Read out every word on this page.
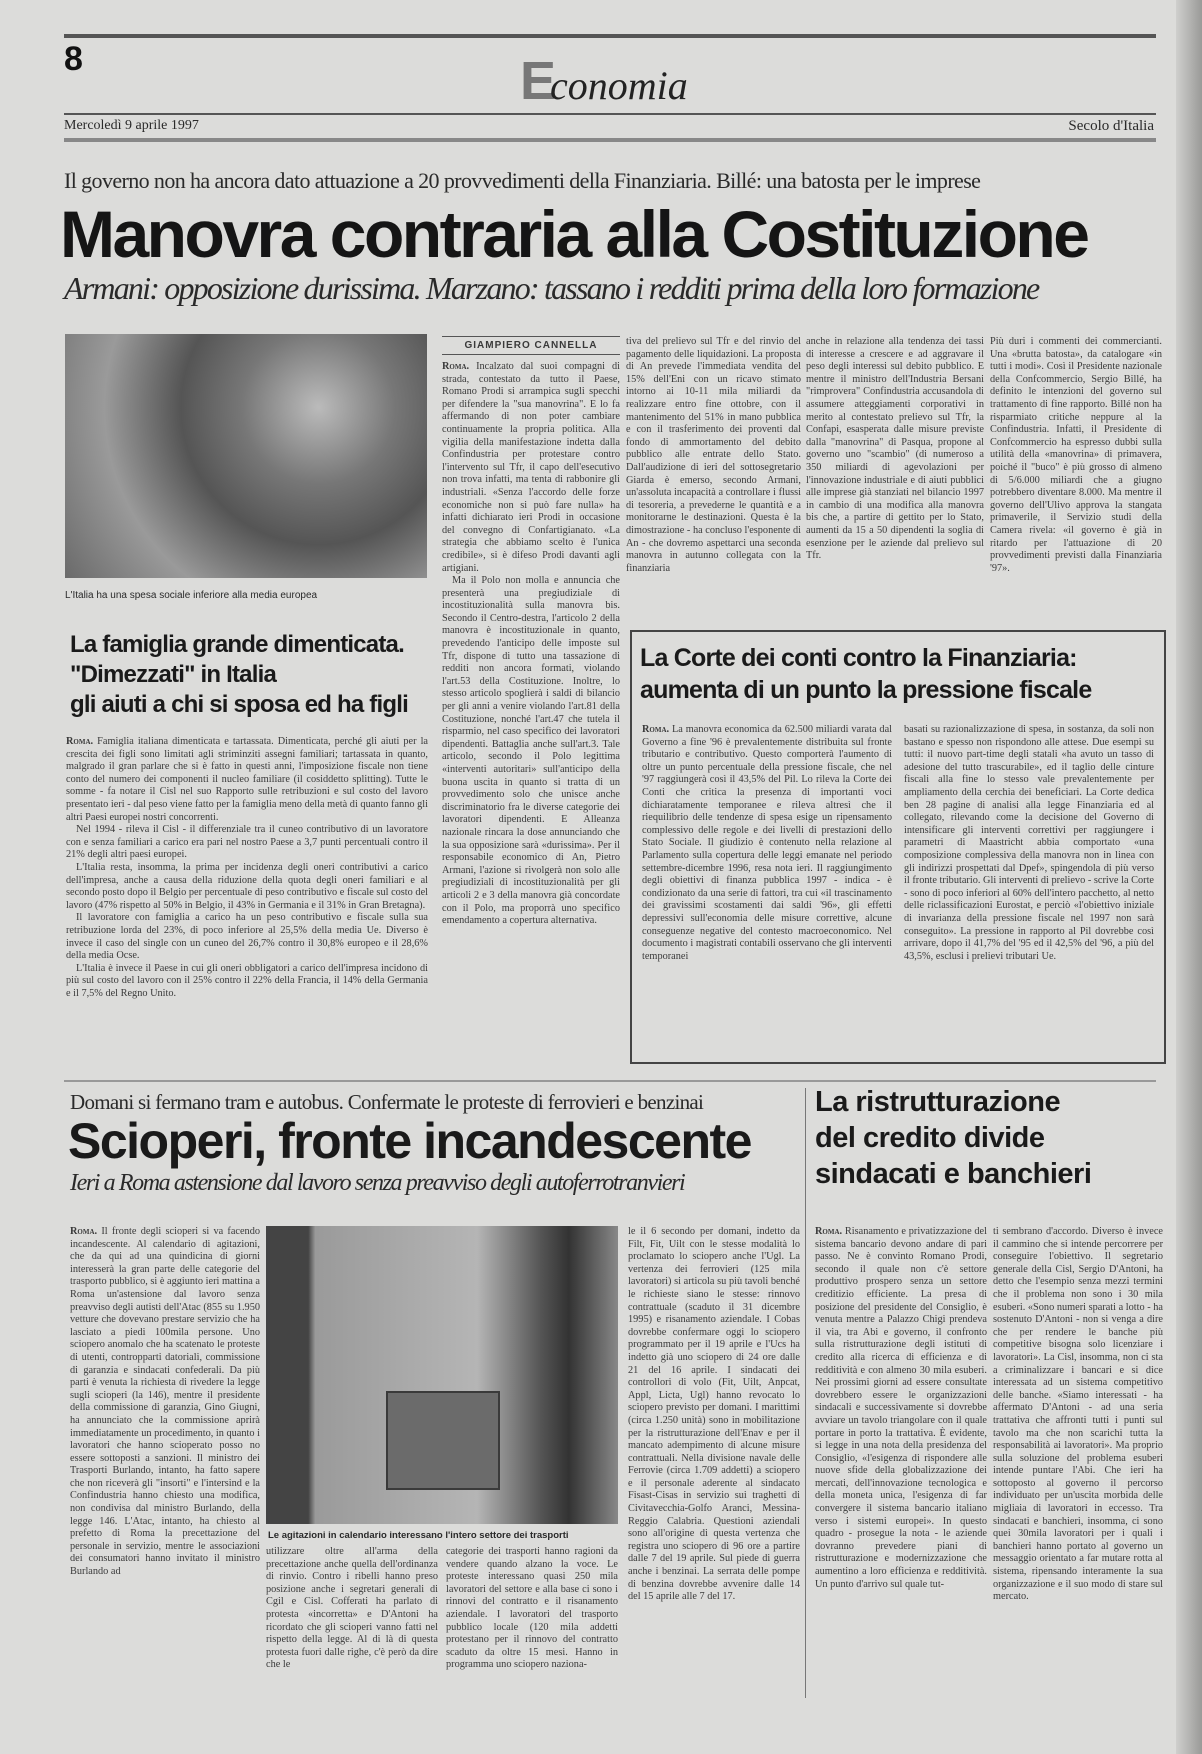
8	Economia
Mercoledì 9 aprile 1997	Secolo d'Italia
Il governo non ha ancora dato attuazione a 20 provvedimenti della Finanziaria. Billé: una batosta per le imprese
Manovra contraria alla Costituzione
Armani: opposizione durissima. Marzano: tassano i redditi prima della loro formazione
L'Italia ha una spesa sociale inferiore alla media europea
GIAMPIERO CANNELLA

Roma. Incalzato dal suoi compagni di strada, contestato da tutto il Paese, Romano Prodi si arrampica sugli specchi per difendere la "sua manovrina". E lo fa affermando di non poter cambiare continuamente la propria politica. Alla vigilia della manifestazione indetta dalla Confindustria per protestare contro l'intervento sul Tfr, il capo dell'esecutivo non trova infatti, ma tenta di rabbonire gli industriali. «Senza l'accordo delle forze economiche non si può fare nulla» ha infatti dichiarato ieri Prodi in occasione del convegno di Confartigianato. «La strategia che abbiamo scelto è l'unica credibile», si è difeso Prodi davanti agli artigiani.

Ma il Polo non molla e annuncia che presenterà una pregiudiziale di incostituzionalità sulla manovra bis. Secondo il Centro-destra, l'articolo 2 della manovra è incostituzionale in quanto, prevedendo l'anticipo delle imposte sul Tfr, dispone di tutto una tassazione di redditi non ancora formati, violando l'art.53 della Costituzione. Inoltre, lo stesso articolo spoglierà i saldi di bilancio per gli anni a venire violando l'art.81 della Costituzione, nonché l'art.47 che tutela il risparmio, nel caso specifico dei lavoratori dipendenti. Battaglia anche sull'art.3. Tale articolo, secondo il Polo legittima «interventi autoritari» sull'anticipo della buona uscita in quanto si tratta di un provvedimento solo che unisce anche discriminatorio fra le diverse categorie dei lavoratori dipendenti. E Alleanza nazionale rincara la dose annunciando che la sua opposizione sarà «durissima». Per il responsabile economico di An, Pietro Armani, l'azione si rivolgerà non solo alle pregiudiziali di incostituzionalità per gli articoli 2 e 3 della manovra già concordate con il Polo, ma proporrà uno specifico emendamento a copertura alternativa.

tiva del prelievo sul Tfr e del rinvio del pagamento delle liquidazioni. La proposta di An prevede l'immediata vendita del 15% dell'Eni con un ricavo stimato intorno ai 10-11 mila miliardi da realizzare entro fine ottobre, con il mantenimento del 51% in mano pubblica e con il trasferimento dei proventi dal fondo di ammortamento del debito pubblico alle entrate dello Stato. Dall'audizione di ieri del sottosegretario Giarda è emerso, secondo Armani, un'assoluta incapacità a controllare i flussi di tesoreria, a prevederne le quantità e a monitorarne le destinazioni. Questa è la dimostrazione - ha concluso l'esponente di An - che dovremo aspettarci una seconda manovra in autunno collegata con la finanziaria

anche in relazione alla tendenza dei tassi di interesse a crescere e ad aggravare il peso degli interessi sul debito pubblico. E mentre il ministro dell'Industria Bersani "rimprovera" Confindustria accusandola di assumere atteggiamenti corporativi in merito al contestato prelievo sul Tfr, la Confapi, esasperata dalle misure previste dalla "manovrina" di Pasqua, propone al governo uno "scambio" (di numeroso a 350 miliardi di agevolazioni per l'innovazione industriale e di aiuti pubblici alle imprese già stanziati nel bilancio 1997 in cambio di una modifica alla manovra bis che, a partire di gettito per lo Stato, aumenti da 15 a 50 dipendenti la soglia di esenzione per le aziende dal prelievo sul Tfr.

Più duri i commenti dei commercianti. Una «brutta batosta», da catalogare «in tutti i modi». Così il Presidente nazionale della Confcommercio, Sergio Billé, ha definito le intenzioni del governo sul trattamento di fine rapporto. Billé non ha risparmiato critiche neppure al la Confindustria. Infatti, il Presidente di Confcommercio ha espresso dubbi sulla utilità della «manovrina» di primavera, poiché il "buco" è più grosso di almeno di 5/6.000 miliardi che a giugno potrebbero diventare 8.000. Ma mentre il governo dell'Ulivo approva la stangata primaverile, il Servizio studi della Camera rivela: «il governo è già in ritardo per l'attuazione di 20 provvedimenti previsti dalla Finanziaria '97».

La famiglia grande dimenticata.
"Dimezzati" in Italia
gli aiuti a chi si sposa ed ha figli

Roma. Famiglia italiana dimenticata e tartassata. Dimenticata, perché gli aiuti per la crescita dei figli sono limitati agli striminziti assegni familiari; tartassata in quanto, malgrado il gran parlare che si è fatto in questi anni, l'imposizione fiscale non tiene conto del numero dei componenti il nucleo familiare (il cosiddetto splitting). Tutte le somme - fa notare il Cisl nel suo Rapporto sulle retribuzioni e sul costo del lavoro presentato ieri - dal peso viene fatto per la famiglia meno della metà di quanto fanno gli altri Paesi europei nostri concorrenti.

Nel 1994 - rileva il Cisl - il differenziale tra il cuneo contributivo di un lavoratore con e senza familiari a carico era pari nel nostro Paese a 3,7 punti percentuali contro il 21% degli altri paesi europei.

L'Italia resta, insomma, la prima per incidenza degli oneri contributivi a carico dell'impresa, anche a causa della riduzione della quota degli oneri familiari e al secondo posto dopo il Belgio per percentuale di peso contributivo e fiscale sul costo del lavoro (47% rispetto al 50% in Belgio, il 43% in Germania e il 31% in Gran Bretagna).

Il lavoratore con famiglia a carico ha un peso contributivo e fiscale sulla sua retribuzione lorda del 23%, di poco inferiore al 25,5% della media Ue. Diverso è invece il caso del single con un cuneo del 26,7% contro il 30,8% europeo e il 28,6% della media Ocse.

L'Italia è invece il Paese in cui gli oneri obbligatori a carico dell'impresa incidono di più sul costo del lavoro con il 25% contro il 22% della Francia, il 14% della Germania e il 7,5% del Regno Unito.

La Corte dei conti contro la Finanziaria:
aumenta di un punto la pressione fiscale

Roma. La manovra economica da 62.500 miliardi varata dal Governo a fine '96 è prevalentemente distribuita sul fronte tributario e contributivo. Questo comporterà l'aumento di oltre un punto percentuale della pressione fiscale, che nel '97 raggiungerà così il 43,5% del Pil. Lo rileva la Corte dei Conti che critica la presenza di importanti voci dichiaratamente temporanee e rileva altresì che il riequilibrio delle tendenze di spesa esige un ripensamento complessivo delle regole e dei livelli di prestazioni dello Stato Sociale. Il giudizio è contenuto nella relazione al Parlamento sulla copertura delle leggi emanate nel periodo settembre-dicembre 1996, resa nota ieri. Il raggiungimento degli obiettivi di finanza pubblica 1997 - indica - è condizionato da una serie di fattori, tra cui «il trascinamento dei gravissimi scostamenti dai saldi '96», gli effetti depressivi sull'economia delle misure correttive, alcune conseguenze negative del contesto macroeconomico. Nel documento i magistrati contabili osservano che gli interventi temporanei

basati su razionalizzazione di spesa, in sostanza, da soli non bastano e spesso non rispondono alle attese. Due esempi su tutti: il nuovo part-time degli statali «ha avuto un tasso di adesione del tutto trascurabile», ed il taglio delle cinture fiscali alla fine lo stesso vale prevalentemente per ampliamento della cerchia dei beneficiari. La Corte dedica ben 28 pagine di analisi alla legge Finanziaria ed al collegato, rilevando come la decisione del Governo di intensificare gli interventi correttivi per raggiungere i parametri di Maastricht abbia comportato «una composizione complessiva della manovra non in linea con gli indirizzi prospettati dal Dpef», spingendola di più verso il fronte tributario. Gli interventi di prelievo - scrive la Corte - sono di poco inferiori al 60% dell'intero pacchetto, al netto delle riclassificazioni Eurostat, e perciò «l'obiettivo iniziale di invarianza della pressione fiscale nel 1997 non sarà conseguito». La pressione in rapporto al Pil dovrebbe così arrivare, dopo il 41,7% del '95 ed il 42,5% del '96, a più del 43,5%, esclusi i prelievi tributari Ue.

Domani si fermano tram e autobus. Confermate le proteste di ferrovieri e benzinai
Scioperi, fronte incandescente
Ieri a Roma astensione dal lavoro senza preavviso degli autoferrotranvieri

Roma. Il fronte degli scioperi si va facendo incandescente. Al calendario di agitazioni, che da qui ad una quindicina di giorni interesserà la gran parte delle categorie del trasporto pubblico, si è aggiunto ieri mattina a Roma un'astensione dal lavoro senza preavviso degli autisti dell'Atac (855 su 1.950 vetture che dovevano prestare servizio che ha lasciato a piedi 100mila persone. Uno sciopero anomalo che ha scatenato le proteste di utenti, contropparti datoriali, commissione di garanzia e sindacati confederali. Da più parti è venuta la richiesta di rivedere la legge sugli scioperi (la 146), mentre il presidente della commissione di garanzia, Gino Giugni, ha annunciato che la commissione aprirà immediatamente un procedimento, in quanto i lavoratori che hanno scioperato posso no essere sottoposti a sanzioni. Il ministro dei Trasporti Burlando, intanto, ha fatto sapere che non riceverà gli "insorti" e l'intersind e la Confindustria hanno chiesto una modifica, non condivisa dal ministro Burlando, della legge 146. L'Atac, intanto, ha chiesto al prefetto di Roma la precettazione del personale in servizio, mentre le associazioni dei consumatori hanno invitato il ministro Burlando ad

Le agitazioni in calendario interessano l'intero settore dei trasporti

utilizzare oltre all'arma della precettazione anche quella dell'ordinanza di rinvio. Contro i ribelli hanno preso posizione anche i segretari generali di Cgil e Cisl. Cofferati ha parlato di protesta «incorretta» e D'Antoni ha ricordato che gli scioperi vanno fatti nel rispetto della legge. Al di là di questa protesta fuori dalle righe, c'è però da dire che le

categorie dei trasporti hanno ragioni da vendere quando alzano la voce. Le proteste interessano quasi 250 mila lavoratori del settore e alla base ci sono i rinnovi del contratto e il risanamento aziendale. I lavoratori del trasporto pubblico locale (120 mila addetti protestano per il rinnovo del contratto scaduto da oltre 15 mesi. Hanno in programma uno sciopero naziona-

le il 6 secondo per domani, indetto da Filt, Fit, Uilt con le stesse modalità lo proclamato lo sciopero anche l'Ugl. La vertenza dei ferrovieri (125 mila lavoratori) si articola su più tavoli benché le richieste siano le stesse: rinnovo contrattuale (scaduto il 31 dicembre 1995) e risanamento aziendale. I Cobas dovrebbe confermare oggi lo sciopero programmato per il 19 aprile e l'Ucs ha indetto già uno sciopero di 24 ore dalle 21 del 16 aprile. I sindacati dei controllori di volo (Fit, Uilt, Anpcat, Appl, Licta, Ugl) hanno revocato lo sciopero previsto per domani. I marittimi (circa 1.250 unità) sono in mobilitazione per la ristrutturazione dell'Enav e per il mancato adempimento di alcune misure contrattuali. Nella divisione navale delle Ferrovie (circa 1.709 addetti) a sciopero e il personale aderente al sindacato Fisast-Cisas in servizio sui traghetti di Civitavecchia-Golfo Aranci, Messina-Reggio Calabria. Questioni aziendali sono all'origine di questa vertenza che registra uno sciopero di 96 ore a partire dalle 7 del 19 aprile. Sul piede di guerra anche i benzinai. La serrata delle pompe di benzina dovrebbe avvenire dalle 14 del 15 aprile alle 7 del 17.

La ristrutturazione
del credito divide
sindacati e banchieri

Roma. Risanamento e privatizzazione del sistema bancario devono andare di pari passo. Ne è convinto Romano Prodi, secondo il quale non c'è settore produttivo prospero senza un settore creditizio efficiente. La presa di posizione del presidente del Consiglio, è venuta mentre a Palazzo Chigi prendeva il via, tra Abi e governo, il confronto sulla ristrutturazione degli istituti di credito alla ricerca di efficienza e di redditività e con almeno 30 mila esuberi. Nei prossimi giorni ad essere consultate dovrebbero essere le organizzazioni sindacali e successivamente si dovrebbe avviare un tavolo triangolare con il quale portare in porto la trattativa. È evidente, si legge in una nota della presidenza del Consiglio, «l'esigenza di rispondere alle nuove sfide della globalizzazione dei mercati, dell'innovazione tecnologica e della moneta unica, l'esigenza di far convergere il sistema bancario italiano verso i sistemi europei». In questo quadro - prosegue la nota - le aziende dovranno prevedere piani di ristrutturazione e modernizzazione che aumentino a loro efficienza e redditività. Un punto d'arrivo sul quale tut-

ti sembrano d'accordo. Diverso è invece il cammino che si intende percorrere per conseguire l'obiettivo. Il segretario generale della Cisl, Sergio D'Antoni, ha detto che l'esempio senza mezzi termini che il problema non sono i 30 mila esuberi. «Sono numeri sparati a lotto - ha sostenuto D'Antoni - non si venga a dire che per rendere le banche più competitive bisogna solo licenziare i lavoratori». La Cisl, insomma, non ci sta a criminalizzare i bancari e si dice interessata ad un sistema competitivo delle banche. «Siamo interessati - ha affermato D'Antoni - ad una seria trattativa che affronti tutti i punti sul tavolo ma che non scarichi tutta la responsabilità ai lavoratori». Ma proprio sulla soluzione del problema esuberi intende puntare l'Abi. Che ieri ha sottoposto al governo il percorso individuato per un'uscita morbida delle migliaia di lavoratori in eccesso. Tra sindacati e banchieri, insomma, ci sono quei 30mila lavoratori per i quali i banchieri hanno portato al governo un messaggio orientato a far mutare rotta al sistema, ripensando interamente la sua organizzazione e il suo modo di stare sul mercato.
